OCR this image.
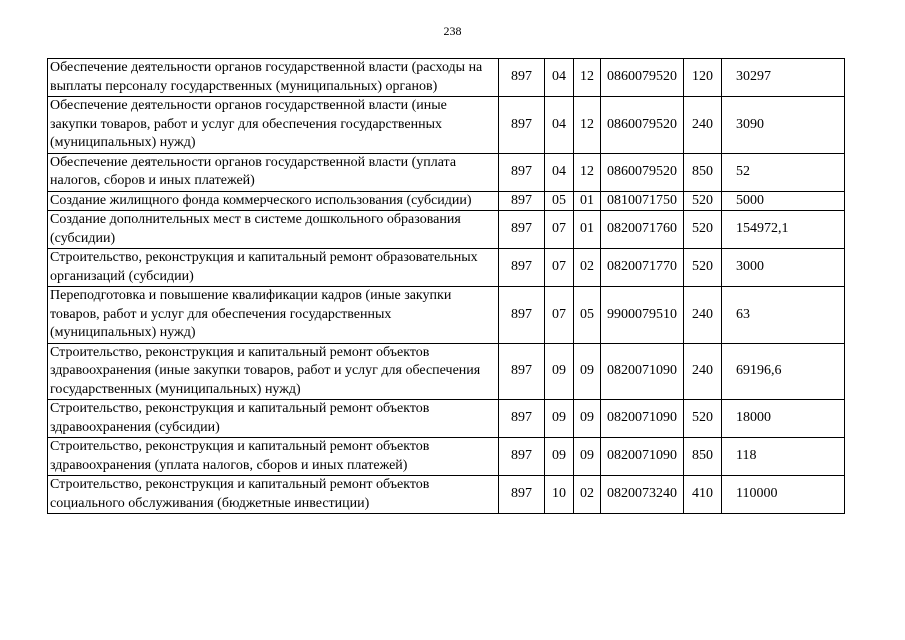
238
Обеспечение деятельности органов государственной власти (расходы на выплаты персоналу государственных (муниципальных) органов)	897	04	12	0860079520	120	30297
Обеспечение деятельности органов государственной власти (иные закупки товаров, работ и услуг для обеспечения государственных (муниципальных) нужд)	897	04	12	0860079520	240	3090
Обеспечение деятельности органов государственной власти (уплата налогов, сборов и иных платежей)	897	04	12	0860079520	850	52
Создание жилищного фонда коммерческого использования (субсидии)	897	05	01	0810071750	520	5000
Создание дополнительных мест в системе дошкольного образования (субсидии)	897	07	01	0820071760	520	154972,1
Строительство, реконструкция и капитальный ремонт образовательных организаций (субсидии)	897	07	02	0820071770	520	3000
Переподготовка и повышение квалификации кадров (иные закупки товаров, работ и услуг для обеспечения государственных (муниципальных) нужд)	897	07	05	9900079510	240	63
Строительство, реконструкция и капитальный ремонт объектов здравоохранения (иные закупки товаров, работ и услуг для обеспечения государственных (муниципальных) нужд)	897	09	09	0820071090	240	69196,6
Строительство, реконструкция и капитальный ремонт объектов здравоохранения (субсидии)	897	09	09	0820071090	520	18000
Строительство, реконструкция и капитальный ремонт объектов здравоохранения (уплата налогов, сборов и иных платежей)	897	09	09	0820071090	850	118
Строительство, реконструкция и капитальный ремонт объектов социального обслуживания (бюджетные инвестиции)	897	10	02	0820073240	410	110000
